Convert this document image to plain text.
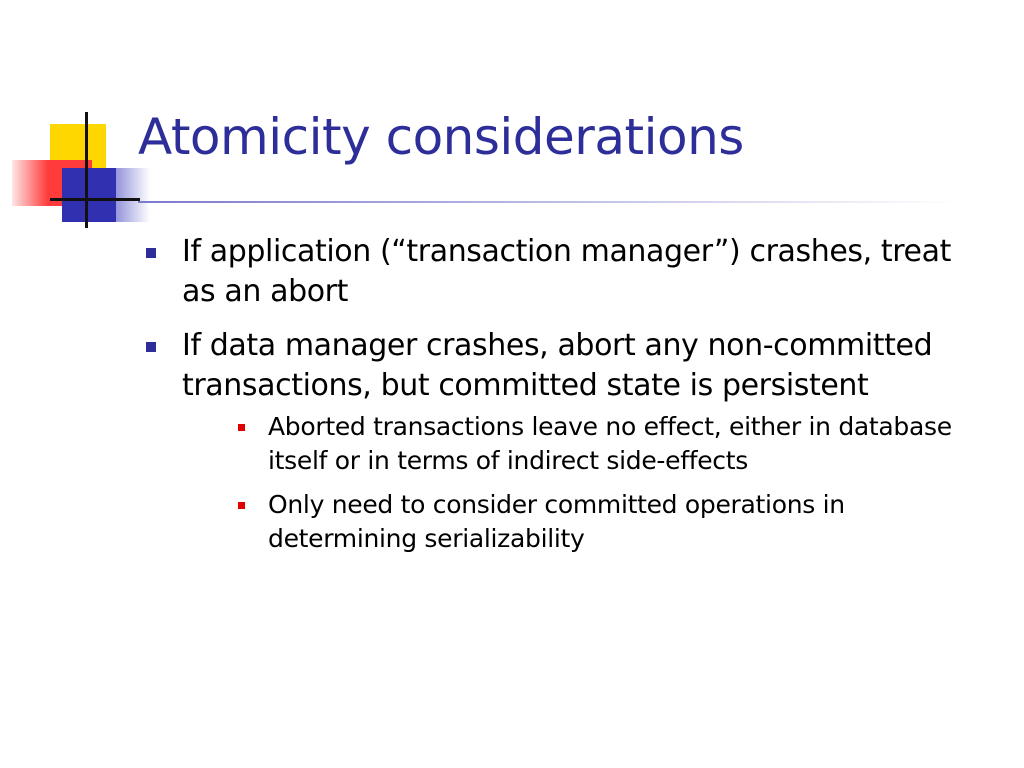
Atomicity considerations
If application (“transaction manager”) crashes, treat as an abort
If data manager crashes, abort any non-committed transactions, but committed state is persistent
Aborted transactions leave no effect, either in database itself or in terms of indirect side-effects
Only need to consider committed operations in determining serializability
